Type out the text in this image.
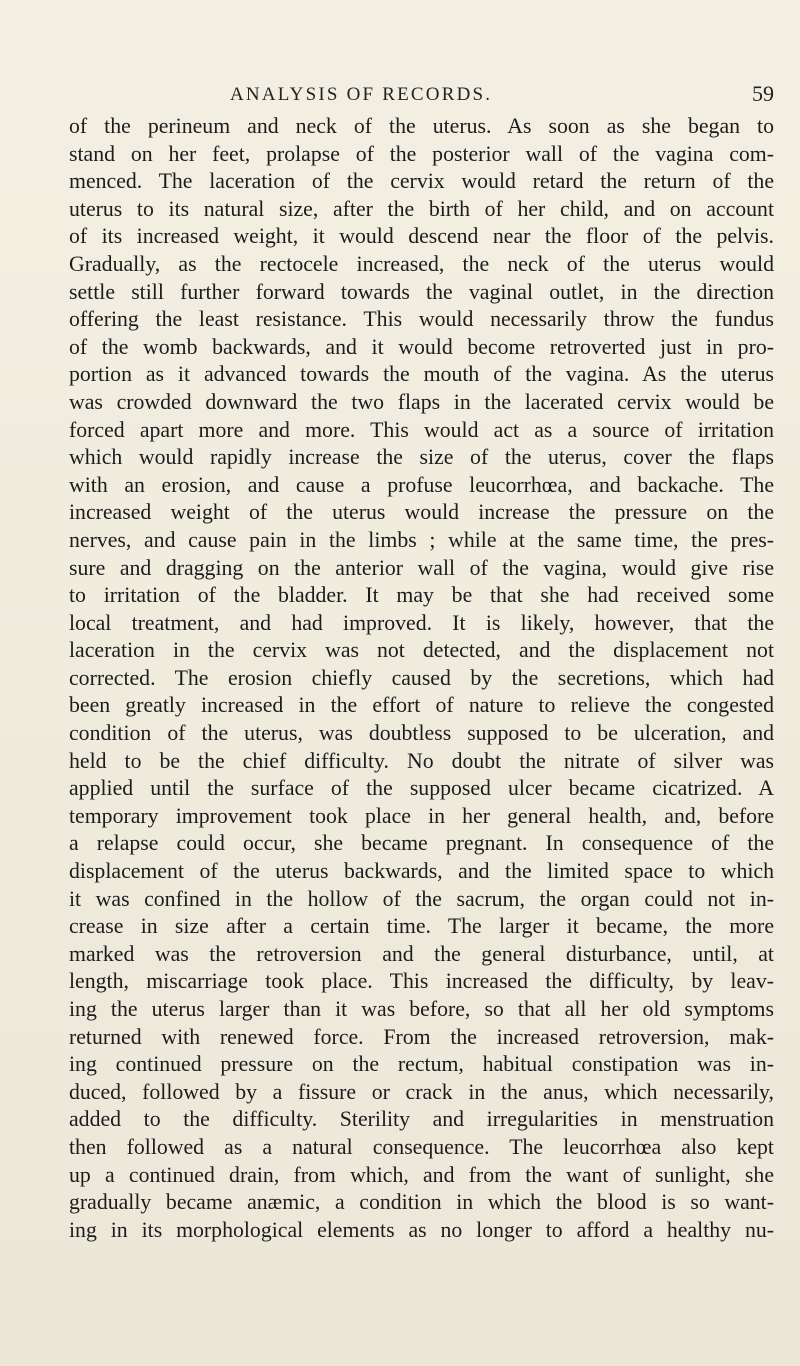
ANALYSIS OF RECORDS.	59
of the perineum and neck of the uterus. As soon as she began to
stand on her feet, prolapse of the posterior wall of the vagina com-
menced. The laceration of the cervix would retard the return of the
uterus to its natural size, after the birth of her child, and on account
of its increased weight, it would descend near the floor of the pelvis.
Gradually, as the rectocele increased, the neck of the uterus would
settle still further forward towards the vaginal outlet, in the direction
offering the least resistance. This would necessarily throw the fundus
of the womb backwards, and it would become retroverted just in pro-
portion as it advanced towards the mouth of the vagina. As the uterus
was crowded downward the two flaps in the lacerated cervix would be
forced apart more and more. This would act as a source of irritation
which would rapidly increase the size of the uterus, cover the flaps
with an erosion, and cause a profuse leucorrhœa, and backache. The
increased weight of the uterus would increase the pressure on the
nerves, and cause pain in the limbs ; while at the same time, the pres-
sure and dragging on the anterior wall of the vagina, would give rise
to irritation of the bladder. It may be that she had received some
local treatment, and had improved. It is likely, however, that the
laceration in the cervix was not detected, and the displacement not
corrected. The erosion chiefly caused by the secretions, which had
been greatly increased in the effort of nature to relieve the congested
condition of the uterus, was doubtless supposed to be ulceration, and
held to be the chief difficulty. No doubt the nitrate of silver was
applied until the surface of the supposed ulcer became cicatrized. A
temporary improvement took place in her general health, and, before
a relapse could occur, she became pregnant. In consequence of the
displacement of the uterus backwards, and the limited space to which
it was confined in the hollow of the sacrum, the organ could not in-
crease in size after a certain time. The larger it became, the more
marked was the retroversion and the general disturbance, until, at
length, miscarriage took place. This increased the difficulty, by leav-
ing the uterus larger than it was before, so that all her old symptoms
returned with renewed force. From the increased retroversion, mak-
ing continued pressure on the rectum, habitual constipation was in-
duced, followed by a fissure or crack in the anus, which necessarily,
added to the difficulty. Sterility and irregularities in menstruation
then followed as a natural consequence. The leucorrhœa also kept
up a continued drain, from which, and from the want of sunlight, she
gradually became anæmic, a condition in which the blood is so want-
ing in its morphological elements as no longer to afford a healthy nu-
